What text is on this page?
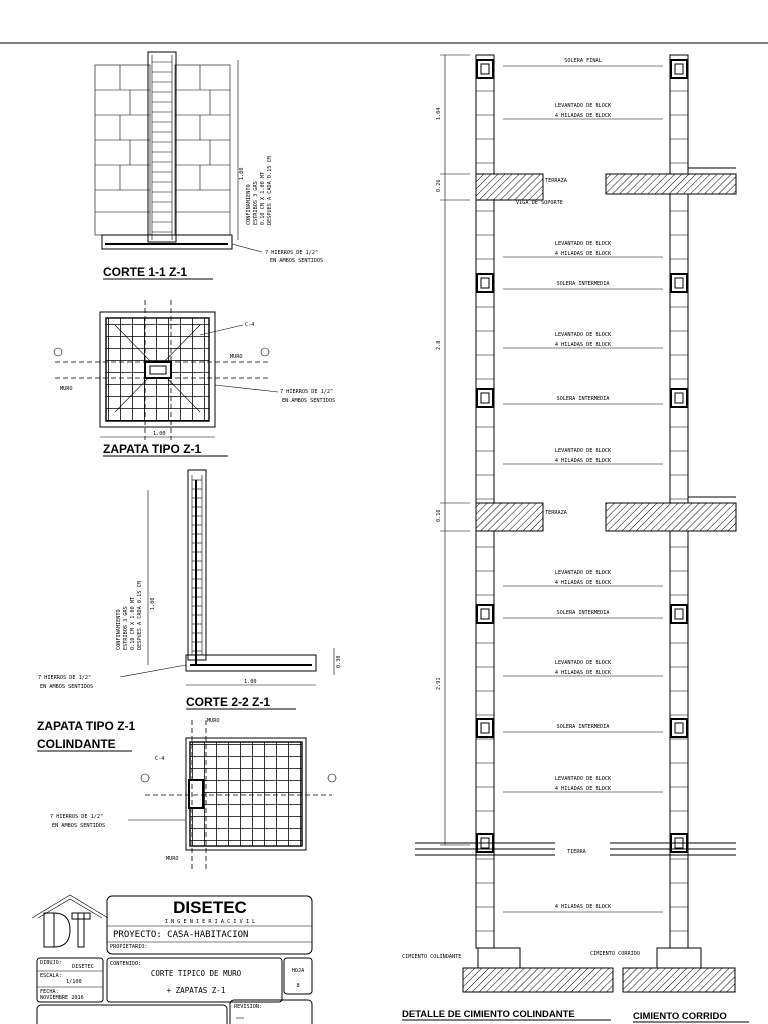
1.00
CONFINAMIENTO ESTRIBOS 3 GRS 0.10 CM X 1.00 MT DESPUES A CADA 0.15 CM
7 HIERROS DE 1/2"
EN AMBOS SENTIDOS
CORTE 1-1 Z-1
MURO
MURO
C-4
7 HIERROS DE 1/2"
EN AMBOS SENTIDOS
1.00
ZAPATA TIPO Z-1
CONFINAMIENTO ESTRIBOS 3 GRS 0.10 CM X 1.00 MT DESPUES A CADA 0.15 CM 1.00
0.30
1.00
7 HIERROS DE 1/2"
EN AMBOS SENTIDOS
CORTE 2-2 Z-1
ZAPATA TIPO Z-1
COLINDANTE
MURO
MURO
C-4
7 HIERROS DE 1/2"
EN AMBOS SENTIDOS
DISETEC
I N G E N I E R I A C I V I L
PROYECTO: CASA-HABITACION
PROPIETARIO:
DIBUJO:
DISETEC
ESCALA:
1/100
FECHA:
NOVIEMBRE 2016
CONTENIDO:
CORTE TIPICO DE MURO
+ ZAPATAS Z-1
HOJA
8
REVISION:
TIERRA
1.04
0.26
2.8
0.16
2.91
SOLERA FINAL
LEVANTADO DE BLOCK
4 HILADAS DE BLOCK
LEVANTADO DE BLOCK
4 HILADAS DE BLOCK
SOLERA INTERMEDIA
LEVANTADO DE BLOCK
4 HILADAS DE BLOCK
SOLERA INTERMEDIA
LEVANTADO DE BLOCK
4 HILADAS DE BLOCK
LEVANTADO DE BLOCK
4 HILADAS DE BLOCK
SOLERA INTERMEDIA
LEVANTADO DE BLOCK
4 HILADAS DE BLOCK
SOLERA INTERMEDIA
LEVANTADO DE BLOCK
4 HILADAS DE BLOCK
4 HILADAS DE BLOCK
CIMIENTO COLINDANTE	CIMIENTO CORRIDO
TERRAZA
TERRAZA
VIGA DE SOPORTE
DETALLE DE CIMIENTO COLINDANTE	CIMIENTO CORRIDO
